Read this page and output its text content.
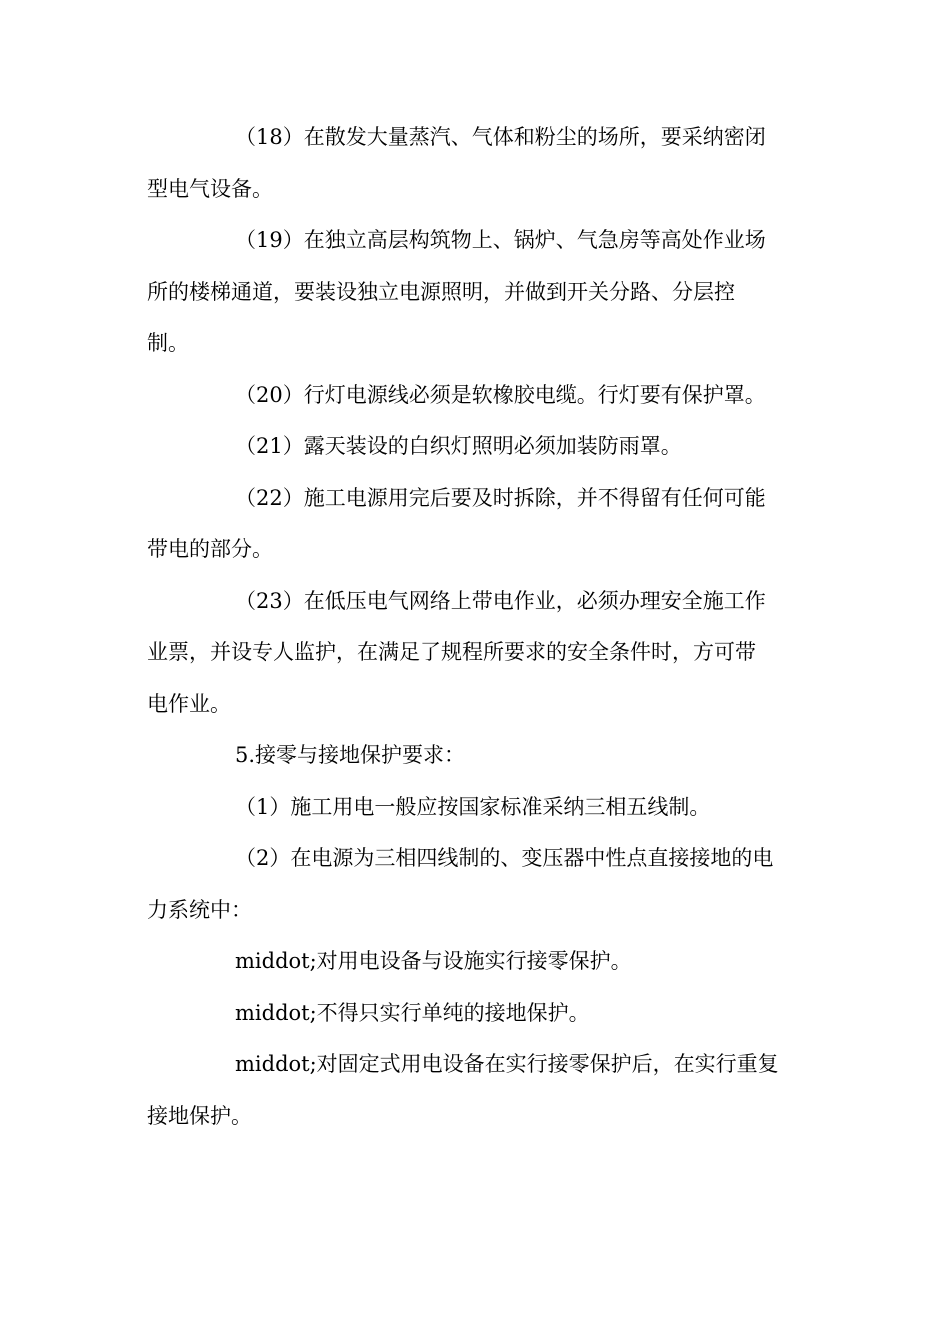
（18）在散发大量蒸汽、气体和粉尘的场所，要采纳密闭
型电气设备。

（19）在独立高层构筑物上、锅炉、气急房等高处作业场
所的楼梯通道，要装设独立电源照明，并做到开关分路、分层控
制。

（20）行灯电源线必须是软橡胶电缆。行灯要有保护罩。

（21）露天装设的白织灯照明必须加装防雨罩。

（22）施工电源用完后要及时拆除，并不得留有任何可能
带电的部分。

（23）在低压电气网络上带电作业，必须办理安全施工作
业票，并设专人监护，在满足了规程所要求的安全条件时，方可带
电作业。

5.接零与接地保护要求：

（1）施工用电一般应按国家标准采纳三相五线制。

（2）在电源为三相四线制的、变压器中性点直接接地的电
力系统中：

middot;对用电设备与设施实行接零保护。

middot;不得只实行单纯的接地保护。

middot;对固定式用电设备在实行接零保护后，在实行重复
接地保护。
